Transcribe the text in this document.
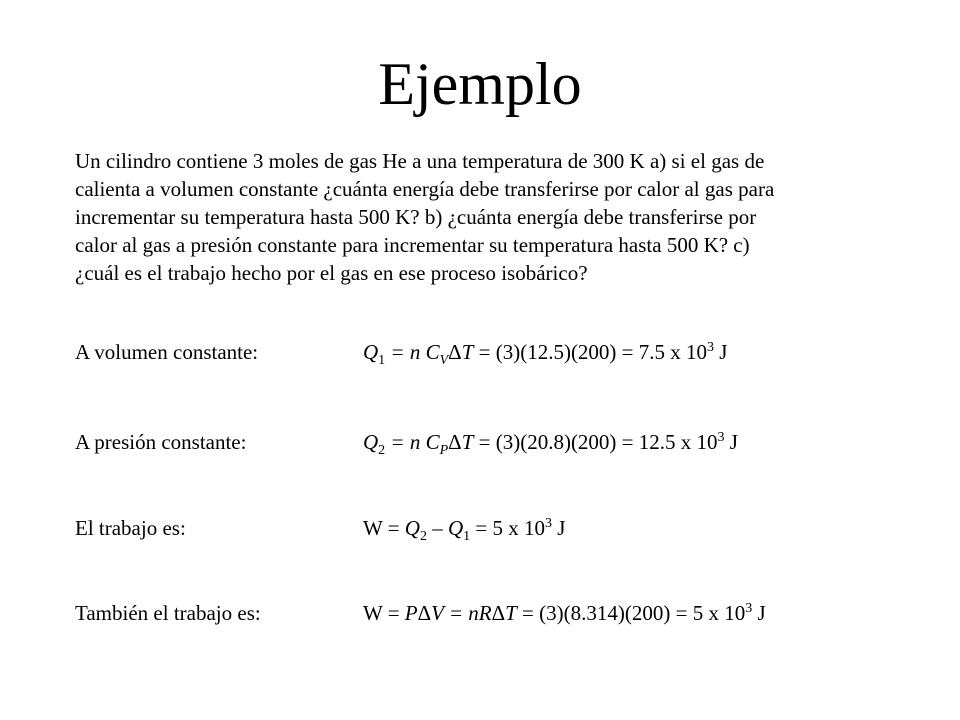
Ejemplo
Un cilindro contiene 3 moles de gas He a una temperatura de 300 K a) si el gas de
calienta a volumen constante ¿cuánta energía debe transferirse por calor al gas para
incrementar su temperatura hasta 500 K? b) ¿cuánta energía debe transferirse por
calor al gas a presión constante para incrementar su temperatura hasta 500 K? c)
¿cuál es el trabajo hecho por el gas en ese proceso isobárico?
A volumen constante:	$Q_1 = n$ $C_V\Delta T = (3)(12.5)(200) = 7.5$ x $10^3$ J
A presión constante:	$Q_2 = n$ $C_P\Delta T = (3)(20.8)(200) = 12.5$ x $10^3$ J
El trabajo es:	$W = Q_2 - Q_1 = 5$ x $10^3$ J
También el trabajo es:	W = PΔV = nRΔT = (3)(8.314)(200) = 5 x $10^3$ J
